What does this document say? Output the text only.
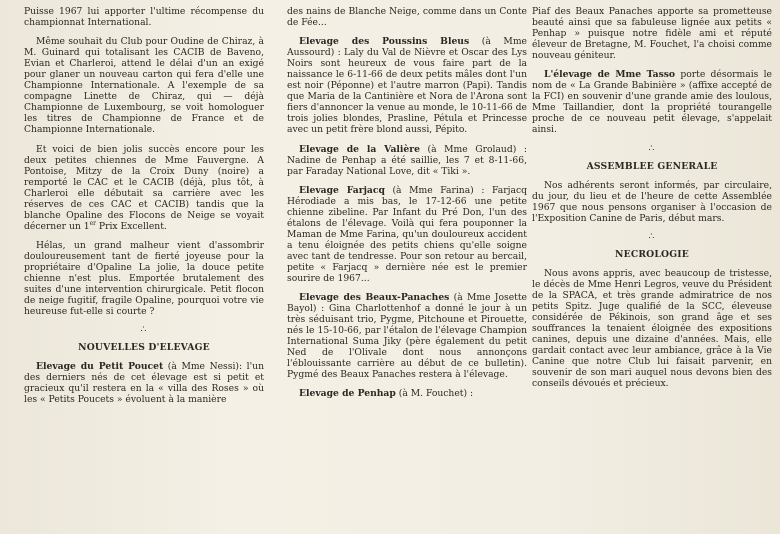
Puisse 1967 lui apporter l'ultime récompense du championnat International.

Même souhait du Club pour Oudine de Chiraz, à M. Guinard qui totalisant les CACIB de Baveno, Evian et Charleroi, attend le délai d'un an exigé pour glaner un nouveau carton qui fera d'elle une Championne Internationale. A l'exemple de sa compagne Linette de Chiraz, qui — déjà Championne de Luxembourg, se voit homologuer les titres de Championne de France et de Championne Internationale.

Et voici de bien jolis succès encore pour les deux petites chiennes de Mme Fauvergne. A Pontoise, Mitzy de la Croix Duny (noire) a remporté le CAC et le CACIB (déjà, plus tôt, à Charleroi elle débutait sa carrière avec les réserves de ces CAC et CACIB) tandis que la blanche Opaline des Flocons de Neige se voyait décerner un 1er Prix Excellent.

Hélas, un grand malheur vient d'assombrir douloureusement tant de fierté joyeuse pour la propriétaire d'Opaline La jolie, la douce petite chienne n'est plus. Emportée brutalement des suites d'une intervention chirurgicale. Petit flocon de neige fugitif, fragile Opaline, pourquoi votre vie heureuse fut-elle si courte ?

∴
NOUVELLES D'ELEVAGE

Elevage du Petit Poucet (à Mme Nessi): l'un des derniers nés de cet élevage est si petit et gracieux qu'il restera en la « villa des Roses » où les « Petits Poucets » évoluent à la manière

des nains de Blanche Neige, comme dans un Conte de Fée...

Elevage des Poussins Bleus (à Mme Aussourd) : Laly du Val de Nièvre et Oscar des Lys Noirs sont heureux de vous faire part de la naissance le 6-11-66 de deux petits mâles dont l'un est noir (Péponne) et l'autre marron (Papi). Tandis que Maria de la Cantinière et Nora de l'Arona sont fiers d'annoncer la venue au monde, le 10-11-66 de trois jolies blondes, Prasline, Pétula et Princesse avec un petit frère blond aussi, Pépito.

Elevage de la Valière (à Mme Grolaud) : Nadine de Penhap a été saillie, les 7 et 8-11-66, par Faraday National Love, dit « Tiki ».

Elevage Farjacq (à Mme Farina) : Farjacq Hérodiade a mis bas, le 17-12-66 une petite chienne zibeline. Par Infant du Pré Don, l'un des étalons de l'élevage. Voilà qui fera pouponner la Maman de Mme Farina, qu'un douloureux accident a tenu éloignée des petits chiens qu'elle soigne avec tant de tendresse. Pour son retour au bercail, petite « Farjacq » dernière née est le premier sourire de 1967...

Elevage des Beaux-Panaches (à Mme Josette Bayol) : Gina Charlottenhof a donné le jour à un très séduisant trio, Pygme, Pitchoune et Pirouette, nés le 15-10-66, par l'étalon de l'élevage Champion International Suma Jiky (père également du petit Ned de l'Olivale dont nous annonçons l'éblouissante carrière au début de ce bulletin). Pygmé des Beaux Panaches restera à l'élevage.

Elevage de Penhap (à M. Fouchet) :

Piaf des Beaux Panaches apporte sa prometteuse beauté ainsi que sa fabuleuse lignée aux petits « Penhap » puisque notre fidèle ami et réputé éleveur de Bretagne, M. Fouchet, l'a choisi comme nouveau géniteur.

L'élevage de Mme Tasso porte désormais le nom de « La Grande Babinière » (affixe accepté de la FCI) en souvenir d'une grande amie des loulous, Mme Taillandier, dont la propriété tourangelle proche de ce nouveau petit élevage, s'appelait ainsi.

∴
ASSEMBLEE GENERALE

Nos adhérents seront informés, par circulaire, du jour, du lieu et de l'heure de cette Assemblée 1967 que nous pensons organiser à l'occasion de l'Exposition Canine de Paris, début mars.

∴
NECROLOGIE

Nous avons appris, avec beaucoup de tristesse, le décès de Mme Henri Legros, veuve du Président de la SPACA, et très grande admiratrice de nos petits Spitz. Juge qualifié de la SCC, éleveuse considérée de Pékinois, son grand âge et ses souffrances la tenaient éloignée des expositions canines, depuis une dizaine d'années. Mais, elle gardait contact avec leur ambiance, grâce à la Vie Canine que notre Club lui faisait parvenir, en souvenir de son mari auquel nous devons bien des conseils dévoués et précieux.
